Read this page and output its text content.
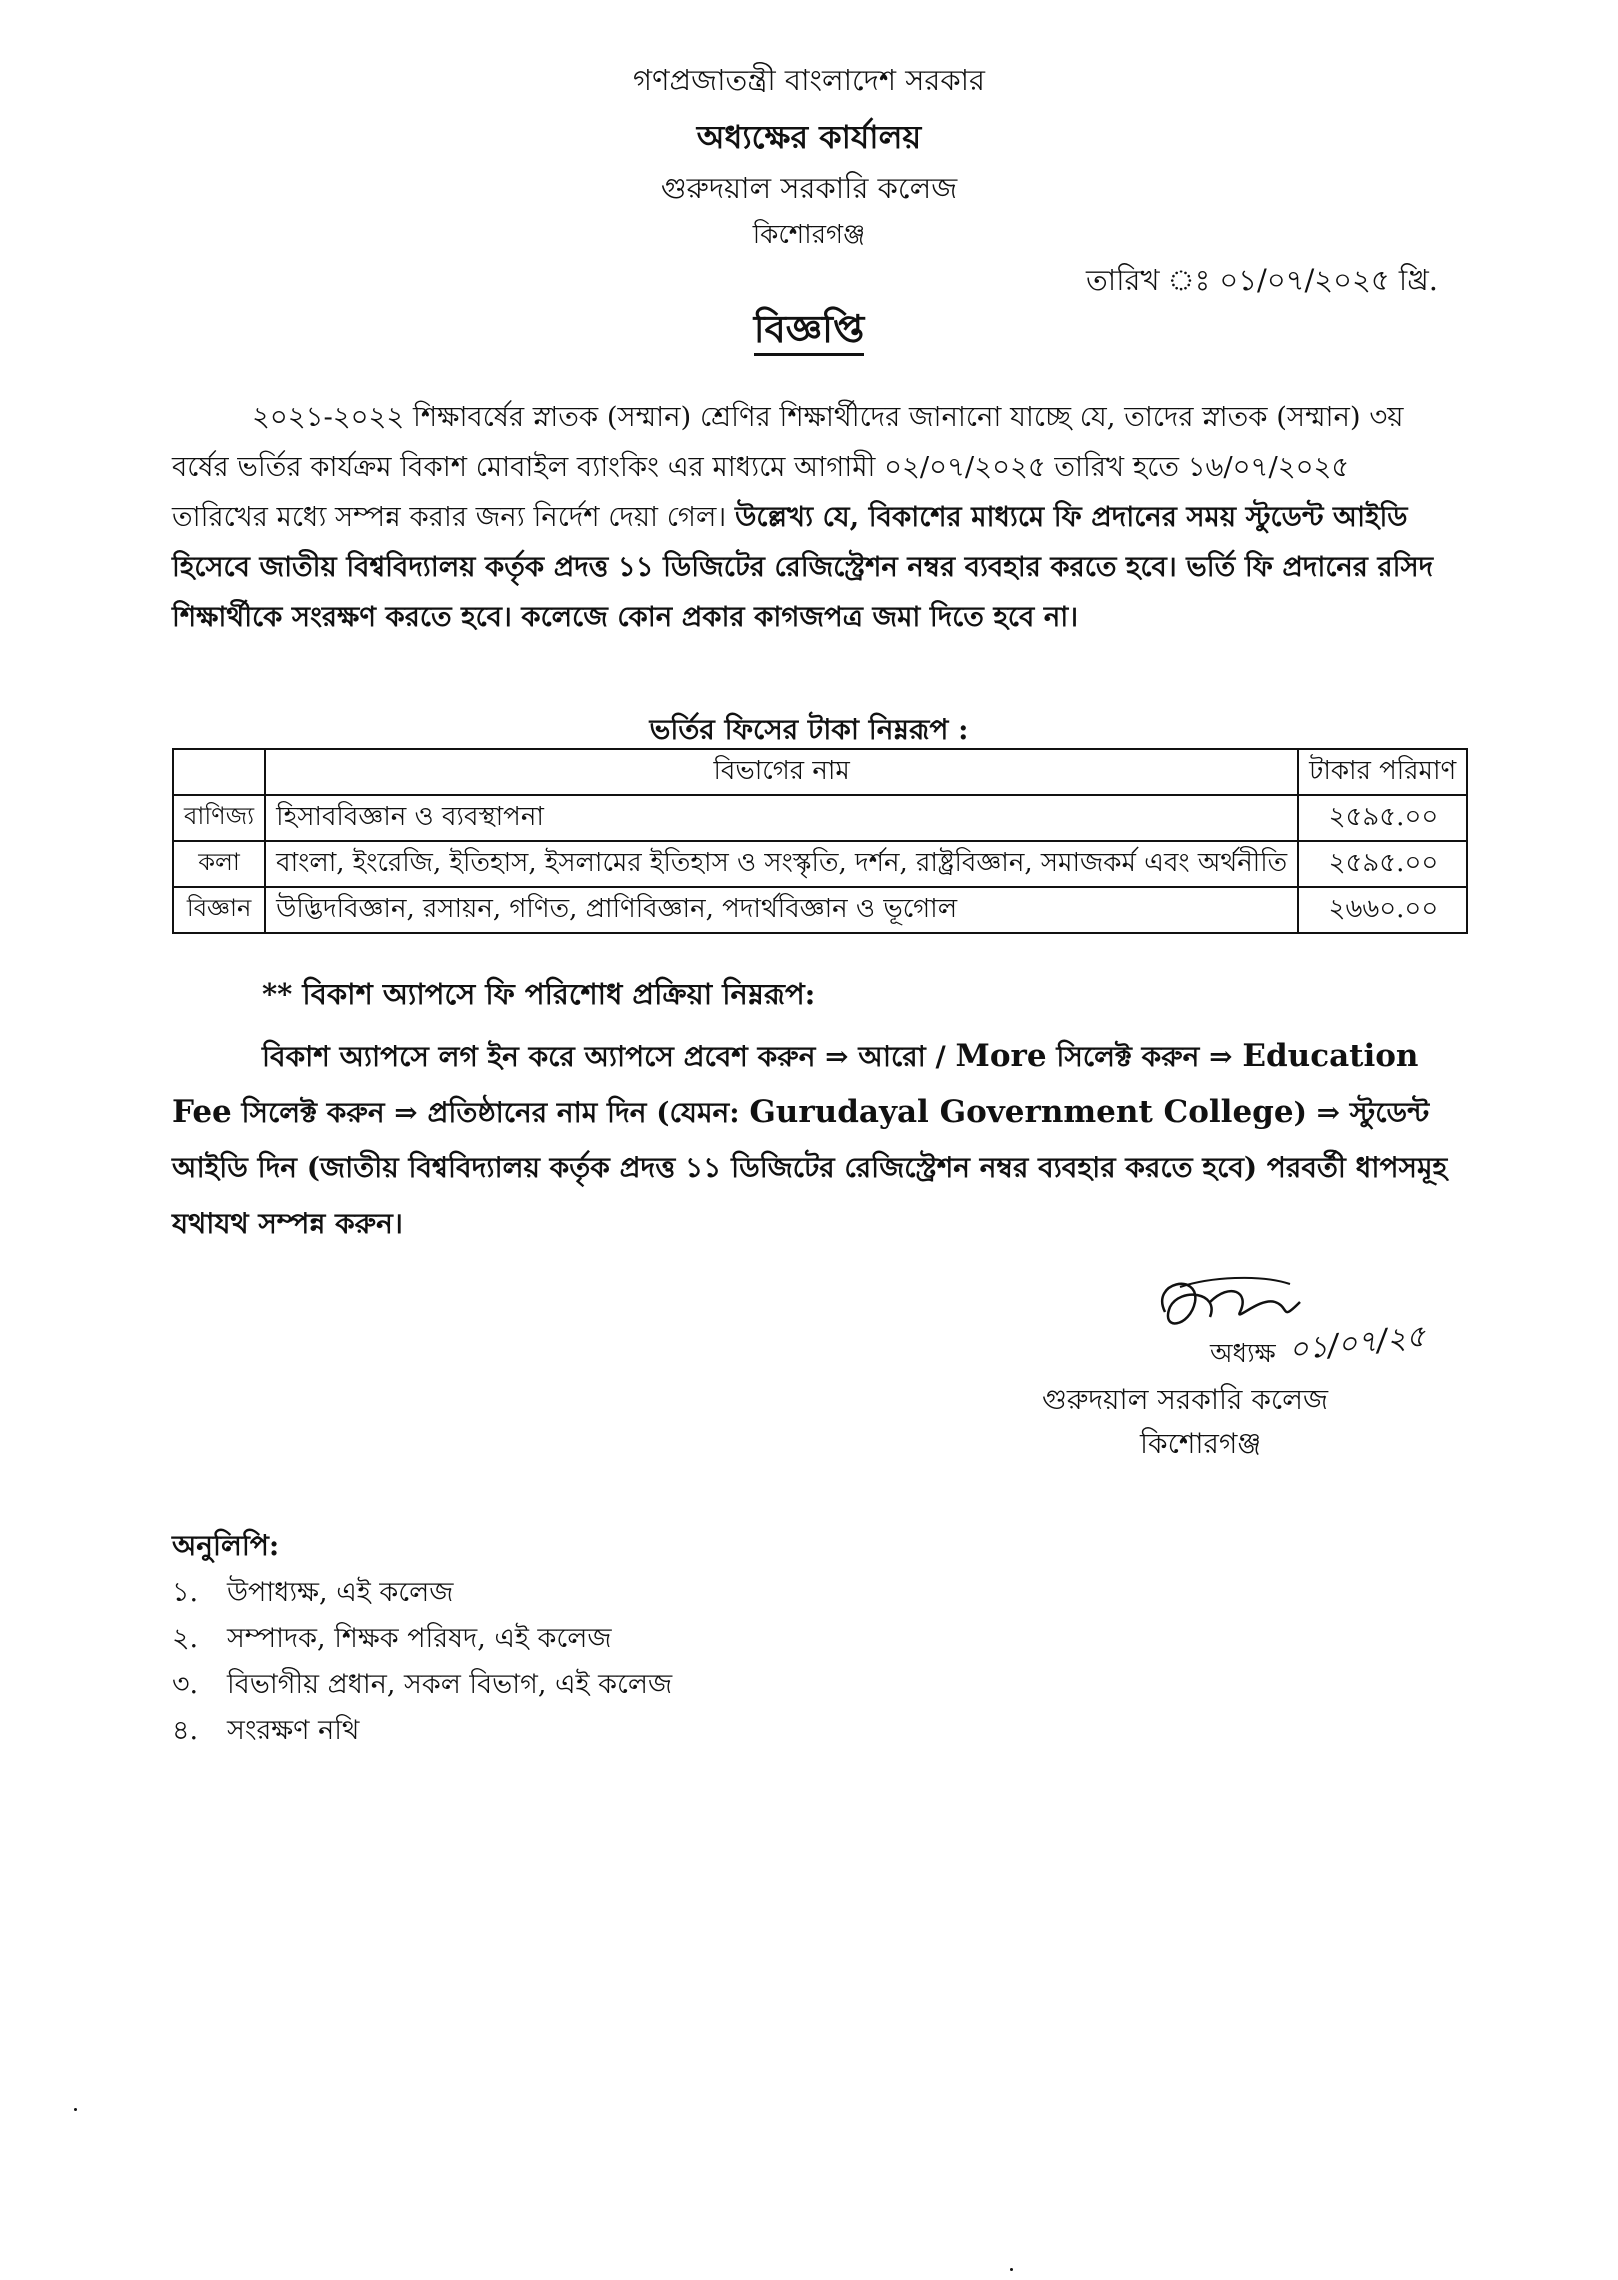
গণপ্রজাতন্ত্রী বাংলাদেশ সরকার
অধ্যক্ষের কার্যালয়
গুরুদয়াল সরকারি কলেজ
কিশোরগঞ্জ
তারিখ ঃ ০১/০৭/২০২৫ খ্রি.
বিজ্ঞপ্তি
২০২১-২০২২ শিক্ষাবর্ষের স্নাতক (সম্মান) শ্রেণির শিক্ষার্থীদের জানানো যাচ্ছে যে, তাদের স্নাতক (সম্মান) ৩য়
বর্ষের ভর্তির কার্যক্রম বিকাশ মোবাইল ব্যাংকিং এর মাধ্যমে আগামী ০২/০৭/২০২৫ তারিখ হতে ১৬/০৭/২০২৫
তারিখের মধ্যে সম্পন্ন করার জন্য নির্দেশ দেয়া গেল। উল্লেখ্য যে, বিকাশের মাধ্যমে ফি প্রদানের সময় স্টুডেন্ট আইডি
হিসেবে জাতীয় বিশ্ববিদ্যালয় কর্তৃক প্রদত্ত ১১ ডিজিটের রেজিস্ট্রেশন নম্বর ব্যবহার করতে হবে। ভর্তি ফি প্রদানের রসিদ
শিক্ষার্থীকে সংরক্ষণ করতে হবে। কলেজে কোন প্রকার কাগজপত্র জমা দিতে হবে না।
ভর্তির ফিসের টাকা নিম্নরূপ :
	বিভাগের নাম	টাকার পরিমাণ
বাণিজ্য	হিসাববিজ্ঞান ও ব্যবস্থাপনা	২৫৯৫.০০
কলা	বাংলা, ইংরেজি, ইতিহাস, ইসলামের ইতিহাস ও সংস্কৃতি, দর্শন, রাষ্ট্রবিজ্ঞান, সমাজকর্ম এবং অর্থনীতি	২৫৯৫.০০
বিজ্ঞান	উদ্ভিদবিজ্ঞান, রসায়ন, গণিত, প্রাণিবিজ্ঞান, পদার্থবিজ্ঞান ও ভূগোল	২৬৬০.০০
** বিকাশ অ্যাপসে ফি পরিশোধ প্রক্রিয়া নিম্নরূপ:
বিকাশ অ্যাপসে লগ ইন করে অ্যাপসে প্রবেশ করুন ⇒ আরো / More সিলেক্ট করুন ⇒ Education
Fee সিলেক্ট করুন ⇒ প্রতিষ্ঠানের নাম দিন (যেমন: Gurudayal Government College) ⇒ স্টুডেন্ট
আইডি দিন (জাতীয় বিশ্ববিদ্যালয় কর্তৃক প্রদত্ত ১১ ডিজিটের রেজিস্ট্রেশন নম্বর ব্যবহার করতে হবে) পরবর্তী ধাপসমূহ
যথাযথ সম্পন্ন করুন।
অধ্যক্ষ ০১/০৭/২৫
গুরুদয়াল সরকারি কলেজ
কিশোরগঞ্জ
অনুলিপি:
১.	উপাধ্যক্ষ, এই কলেজ
২.	সম্পাদক, শিক্ষক পরিষদ, এই কলেজ
৩.	বিভাগীয় প্রধান, সকল বিভাগ, এই কলেজ
৪.	সংরক্ষণ নথি
